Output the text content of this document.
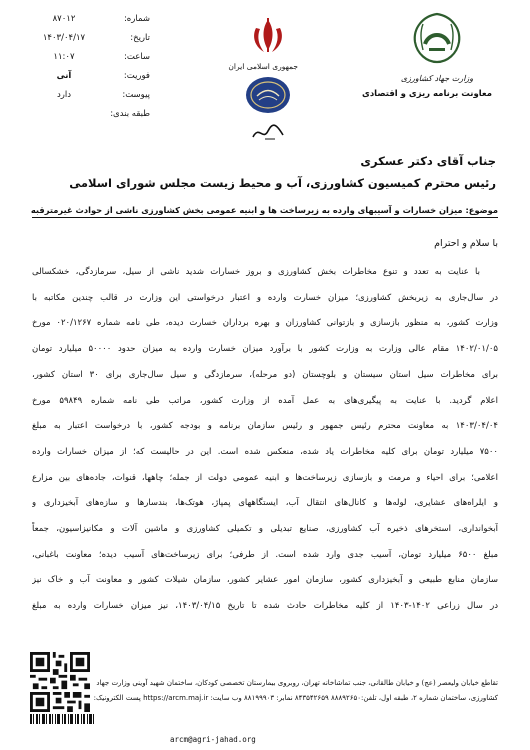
شماره:
۸۷۰۱۲
تاریخ:
۱۴۰۳/۰۴/۱۷
ساعت:
۱۱:۰۷
فوریت:
آنی
پیوست:
دارد
طبقه بندی:
جمهوری اسلامی ایران

وزارت جهاد کشاورزی
معاونت برنامه ریزی و اقتصادی
جناب آقای دکتر عسکری
رئیس محترم کمیسیون کشاورزی، آب و محیط زیست مجلس شورای اسلامی
موضوع: میزان خسارات و آسیبهای وارده به زیرساخت ها و ابنیه عمومی بخش کشاورزی ناشی از حوادث غیرمترقبه
با سلام و احترام
با عنایت به تعدد و تنوع مخاطرات بخش کشاورزی و بروز خسارات شدید ناشی از سیل، سرمازدگی، خشکسالی
در سال‌جاری به زیربخش کشاورزی؛ میزان خسارت وارده و اعتبار درخواستی این وزارت در قالب چندین مکاتبه با
وزارت کشور، به منظور بازسازی و بازتوانی کشاورزان و بهره برداران خسارت دیده، طی نامه شماره ۰۲۰/۱۲۶۷ مورخ
۱۴۰۲/۰۱/۰۵ مقام عالی وزارت به وزارت کشور با برآورد میزان خسارت وارده به میزان حدود ۵۰۰۰۰ میلیارد تومان
برای مخاطرات سیل استان سیستان و بلوچستان (دو مرحله)، سرمازدگی و سیل سال‌جاری برای ۳۰ استان کشور،
اعلام گردید. با عنایت به پیگیری‌های به عمل آمده از وزارت کشور، مراتب طی نامه شماره ۵۹۸۴۹ مورخ
۱۴۰۳/۰۴/۰۴ به معاونت محترم رئیس جمهور و رئیس سازمان برنامه و بودجه کشور، با درخواست اعتبار به مبلغ
۷۵۰۰ میلیارد تومان برای کلیه مخاطرات یاد شده، منعکس شده است. این در حالیست که؛ از میزان خسارات وارده
اعلامی؛ برای احیاء و مرمت و بازسازی زیرساخت‌ها و ابنیه عمومی دولت از جمله؛ چاهها، قنوات، جاده‌های بین مزارع
و ایلراه‌های عشایری، لوله‌ها و کانال‌های انتقال آب، ایستگاههای پمپاژ، هوتک‌ها، بندسارها و سازه‌های آبخیزداری و
آبخوانداری، استخرهای ذخیره آب کشاورزی، صنایع تبدیلی و تکمیلی کشاورزی و ماشین آلات و مکانیزاسیون، جمعاً
مبلغ ۶۵۰۰ میلیارد تومان، آسیب جدی وارد شده است. از طرفی؛ برای زیرساخت‌های آسیب دیده؛ معاونت باغبانی،
سازمان منابع طبیعی و آبخیزداری کشور، سازمان امور عشایر کشور، سازمان شیلات کشور و معاونت آب و خاک نیز
در سال زراعی ۱۴۰۲-۱۴۰۳ از کلیه مخاطرات حادث شده تا تاریخ ۱۴۰۳/۰۴/۱۵، نیز میزان خسارات وارده به مبلغ
تقاطع خیابان ولیعصر (عج) و خیابان طالقانی، جنب تماشاخانه تهران، روبروی بیمارستان تخصصی کودکان، ساختمان شهید آوینی وزارت جهاد
کشاورزی، ساختمان شماره ۲، طبقه اول، تلفن:۸۸۸۹۲۶۵۰ ۸۴۳۵۴۲۶۵۹ نمابر: ۸۸۱۹۹۹۰۳ وب سایت: https://arcm.maj.ir پست الکترونیک:
arcm@agri-jahad.org
